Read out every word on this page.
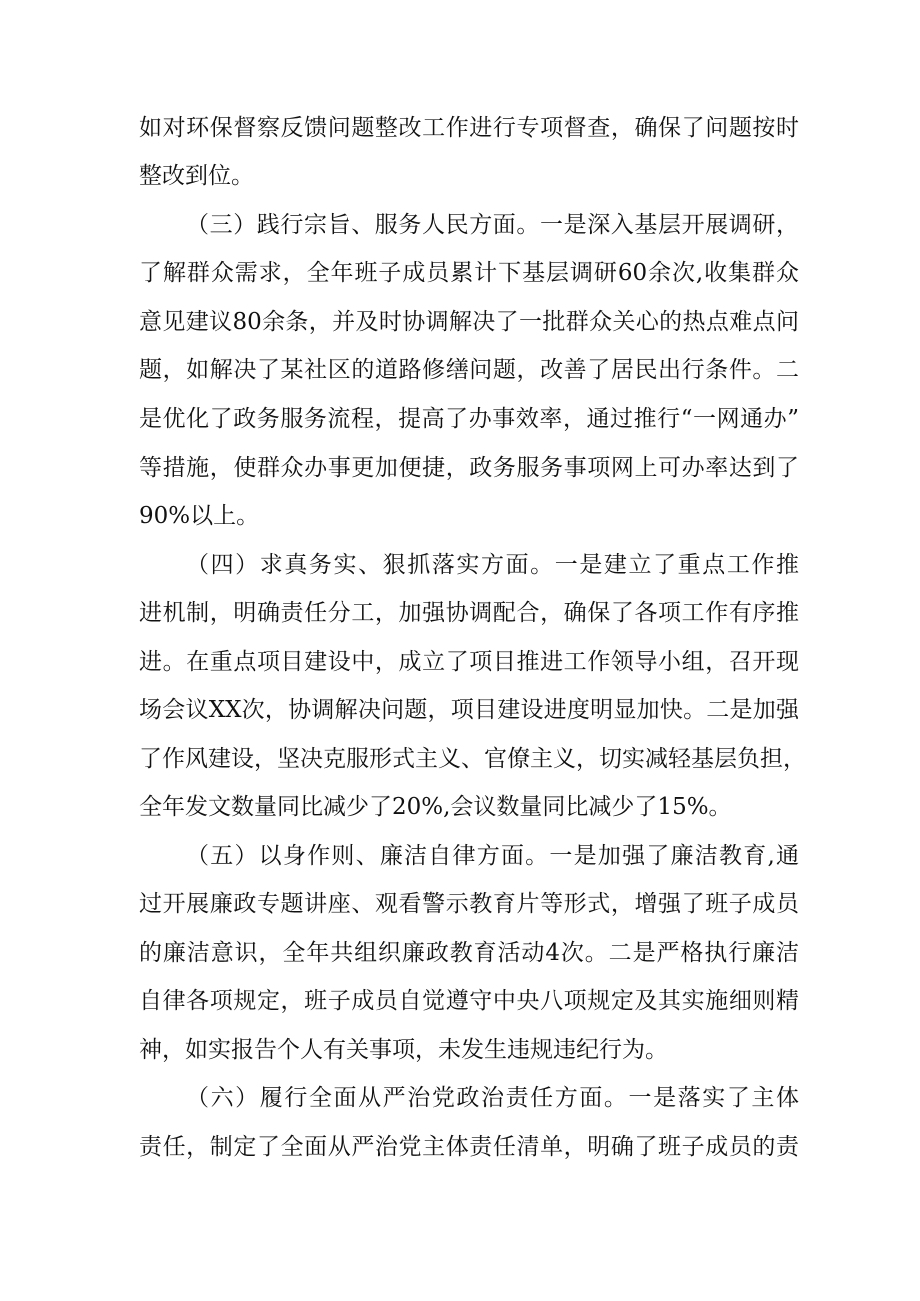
如对环保督察反馈问题整改工作进行专项督查，确保了问题按时
整改到位。
（三）践行宗旨、服务人民方面。一是深入基层开展调研，
了解群众需求，全年班子成员累计下基层调研60余次,收集群众
意见建议80余条，并及时协调解决了一批群众关心的热点难点问
题，如解决了某社区的道路修缮问题，改善了居民出行条件。二
是优化了政务服务流程，提高了办事效率，通过推行“一网通办”
等措施，使群众办事更加便捷，政务服务事项网上可办率达到了
90%以上。
（四）求真务实、狠抓落实方面。一是建立了重点工作推
进机制，明确责任分工，加强协调配合，确保了各项工作有序推
进。在重点项目建设中，成立了项目推进工作领导小组，召开现
场会议XX次，协调解决问题，项目建设进度明显加快。二是加强
了作风建设，坚决克服形式主义、官僚主义，切实减轻基层负担，
全年发文数量同比减少了20%,会议数量同比减少了15%。
（五）以身作则、廉洁自律方面。一是加强了廉洁教育,通
过开展廉政专题讲座、观看警示教育片等形式，增强了班子成员
的廉洁意识，全年共组织廉政教育活动4次。二是严格执行廉洁
自律各项规定，班子成员自觉遵守中央八项规定及其实施细则精
神，如实报告个人有关事项，未发生违规违纪行为。
（六）履行全面从严治党政治责任方面。一是落实了主体
责任，制定了全面从严治党主体责任清单，明确了班子成员的责
